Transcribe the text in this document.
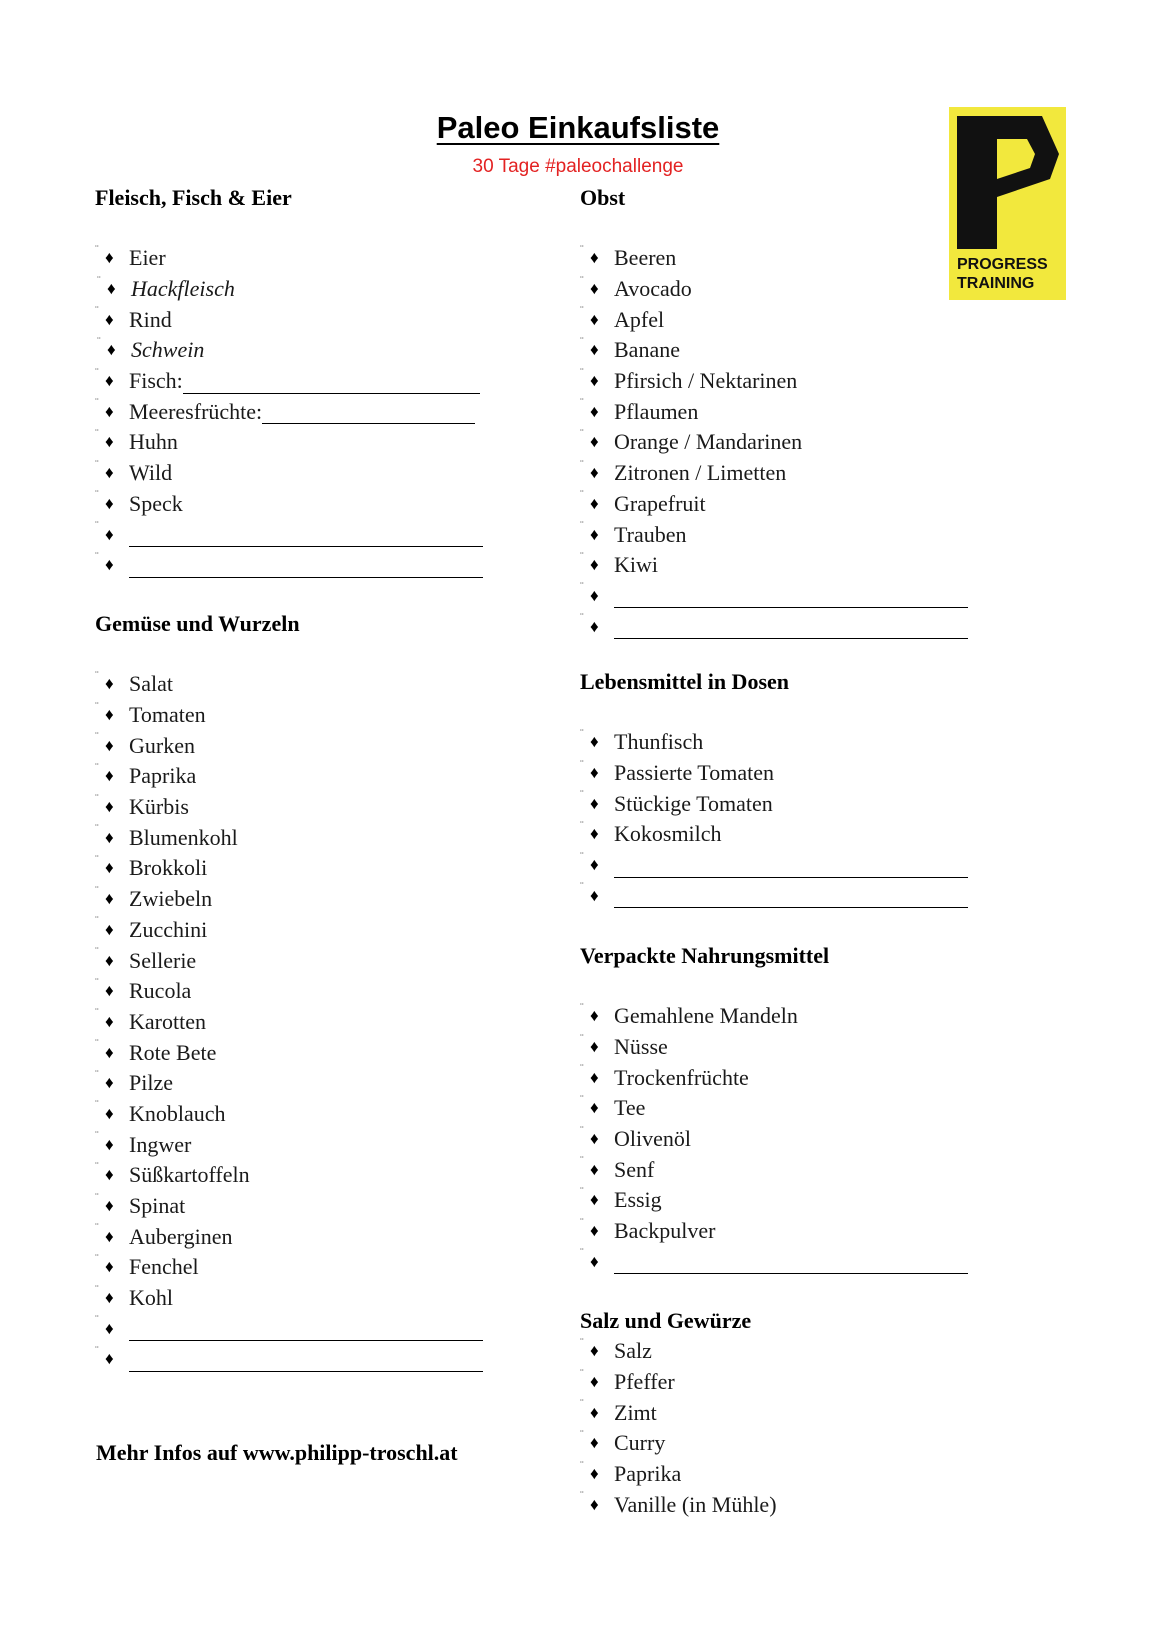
Paleo Einkaufsliste
30 Tage #paleochallenge
PROGRESS
TRAINING
Fleisch, Fisch & Eier
¨ ♦ Eier
¨ ♦ Hackfleisch
¨ ♦ Rind
¨ ♦ Schwein
¨ ♦ Fisch:
¨ ♦ Meeresfrüchte:
¨ ♦ Huhn
¨ ♦ Wild
¨ ♦ Speck
¨ ♦
¨ ♦
Gemüse und Wurzeln
¨ ♦ Salat
¨ ♦ Tomaten
¨ ♦ Gurken
¨ ♦ Paprika
¨ ♦ Kürbis
¨ ♦ Blumenkohl
¨ ♦ Brokkoli
¨ ♦ Zwiebeln
¨ ♦ Zucchini
¨ ♦ Sellerie
¨ ♦ Rucola
¨ ♦ Karotten
¨ ♦ Rote Bete
¨ ♦ Pilze
¨ ♦ Knoblauch
¨ ♦ Ingwer
¨ ♦ Süßkartoffeln
¨ ♦ Spinat
¨ ♦ Auberginen
¨ ♦ Fenchel
¨ ♦ Kohl
¨ ♦
¨ ♦
Obst
¨ ♦ Beeren
¨ ♦ Avocado
¨ ♦ Apfel
¨ ♦ Banane
¨ ♦ Pfirsich / Nektarinen
¨ ♦ Pflaumen
¨ ♦ Orange / Mandarinen
¨ ♦ Zitronen / Limetten
¨ ♦ Grapefruit
¨ ♦ Trauben
¨ ♦ Kiwi
¨ ♦
¨ ♦
Lebensmittel in Dosen
¨ ♦ Thunfisch
¨ ♦ Passierte Tomaten
¨ ♦ Stückige Tomaten
¨ ♦ Kokosmilch
¨ ♦
¨ ♦
Verpackte Nahrungsmittel
¨ ♦ Gemahlene Mandeln
¨ ♦ Nüsse
¨ ♦ Trockenfrüchte
¨ ♦ Tee
¨ ♦ Olivenöl
¨ ♦ Senf
¨ ♦ Essig
¨ ♦ Backpulver
¨ ♦
Salz und Gewürze
¨ ♦ Salz
¨ ♦ Pfeffer
¨ ♦ Zimt
¨ ♦ Curry
¨ ♦ Paprika
¨ ♦ Vanille (in Mühle)
Mehr Infos auf www.philipp-troschl.at
